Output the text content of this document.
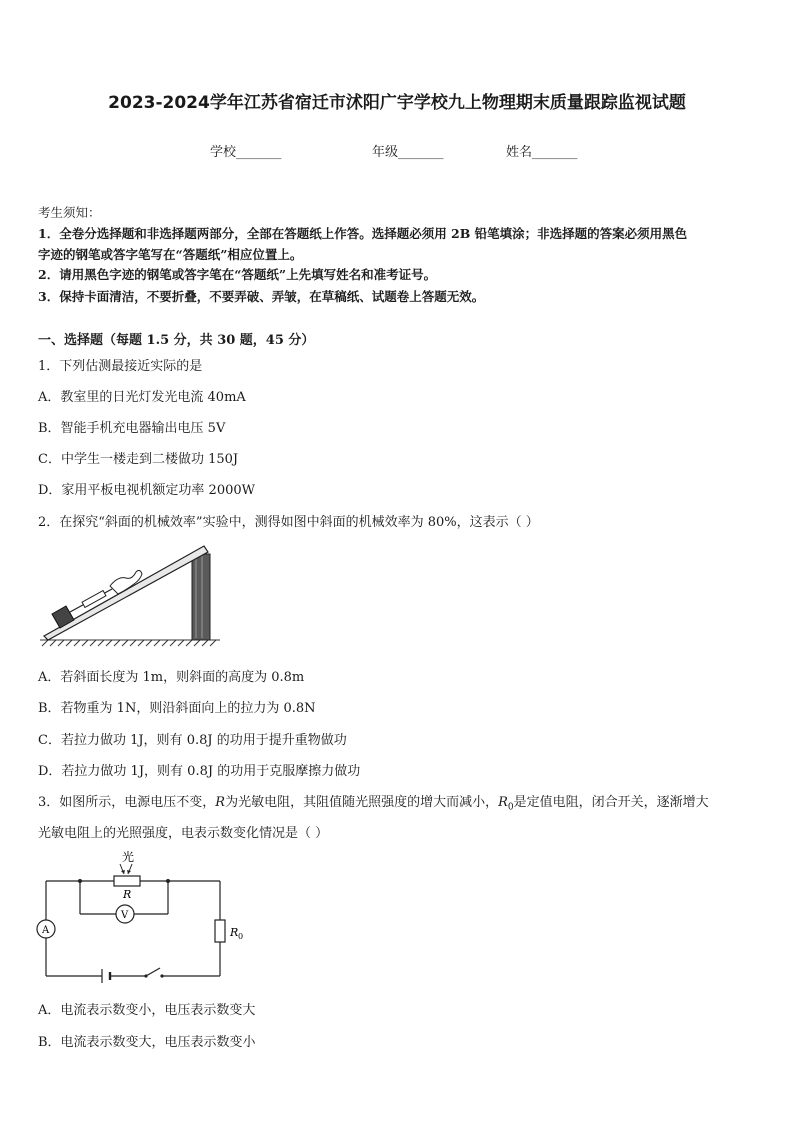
2023-2024学年江苏省宿迁市沭阳广宇学校九上物理期末质量跟踪监视试题
学校_______	年级_______	姓名_______
考生须知：
1．全卷分选择题和非选择题两部分，全部在答题纸上作答。选择题必须用 2B 铅笔填涂；非选择题的答案必须用黑色
字迹的钢笔或答字笔写在“答题纸”相应位置上。
2．请用黑色字迹的钢笔或答字笔在“答题纸”上先填写姓名和准考证号。
3．保持卡面清洁，不要折叠，不要弄破、弄皱，在草稿纸、试题卷上答题无效。
一、选择题（每题 1.5 分，共 30 题，45 分）
1．下列估测最接近实际的是
A．教室里的日光灯发光电流 40mA
B．智能手机充电器输出电压 5V
C．中学生一楼走到二楼做功 150J
D．家用平板电视机额定功率 2000W
2．在探究“斜面的机械效率”实验中，测得如图中斜面的机械效率为 80%，这表示（ ）
A．若斜面长度为 1m，则斜面的高度为 0.8m
B．若物重为 1N，则沿斜面向上的拉力为 0.8N
C．若拉力做功 1J，则有 0.8J 的功用于提升重物做功
D．若拉力做功 1J，则有 0.8J 的功用于克服摩擦力做功
3．如图所示，电源电压不变，R为光敏电阻，其阻值随光照强度的增大而减小，$R_0$是定值电阻，闭合开关，逐渐增大
光敏电阻上的光照强度，电表示数变化情况是（ ）
光
R
V
A	R 0
A．电流表示数变小，电压表示数变大
B．电流表示数变大，电压表示数变小
